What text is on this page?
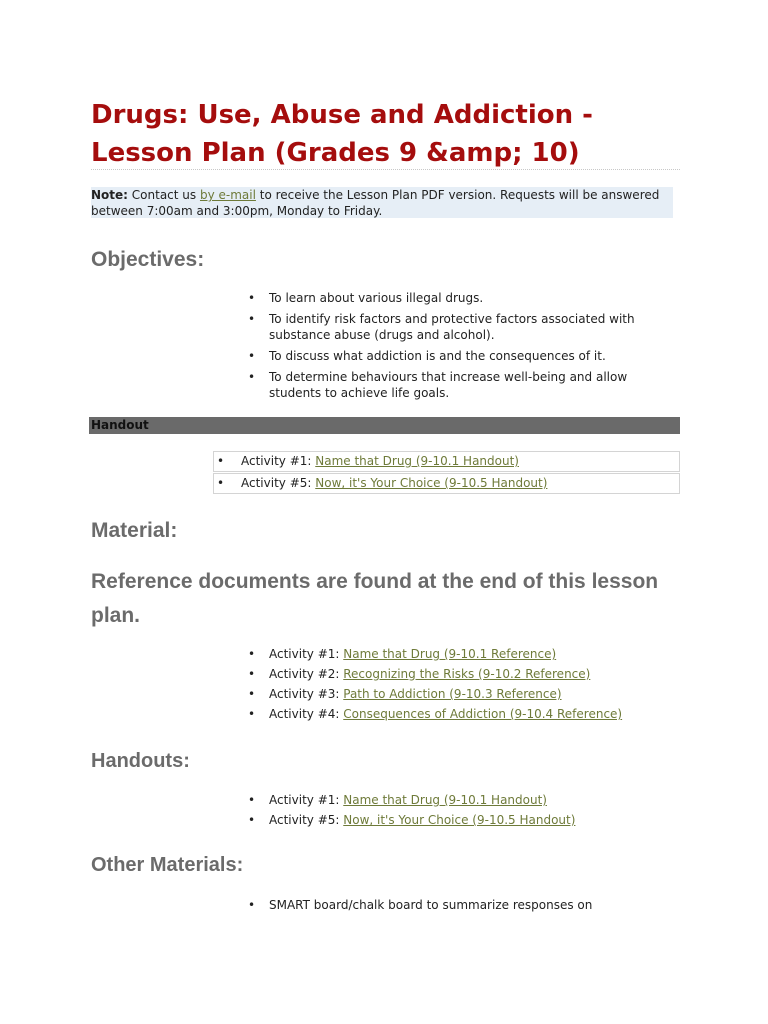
Drugs: Use, Abuse and Addiction - Lesson Plan (Grades 9 &amp; 10)
Note: Contact us by e-mail to receive the Lesson Plan PDF version. Requests will be answered between 7:00am and 3:00pm, Monday to Friday.
Objectives:
• To learn about various illegal drugs.
• To identify risk factors and protective factors associated with substance abuse (drugs and alcohol).
• To discuss what addiction is and the consequences of it.
• To determine behaviours that increase well-being and allow students to achieve life goals.
Handout
• Activity #1: Name that Drug (9-10.1 Handout)
• Activity #5: Now, it's Your Choice (9-10.5 Handout)
Material:
Reference documents are found at the end of this lesson plan.
• Activity #1: Name that Drug (9-10.1 Reference)
• Activity #2: Recognizing the Risks (9-10.2 Reference)
• Activity #3: Path to Addiction (9-10.3 Reference)
• Activity #4: Consequences of Addiction (9-10.4 Reference)
Handouts:
• Activity #1: Name that Drug (9-10.1 Handout)
• Activity #5: Now, it's Your Choice (9-10.5 Handout)
Other Materials:
• SMART board/chalk board to summarize responses on
